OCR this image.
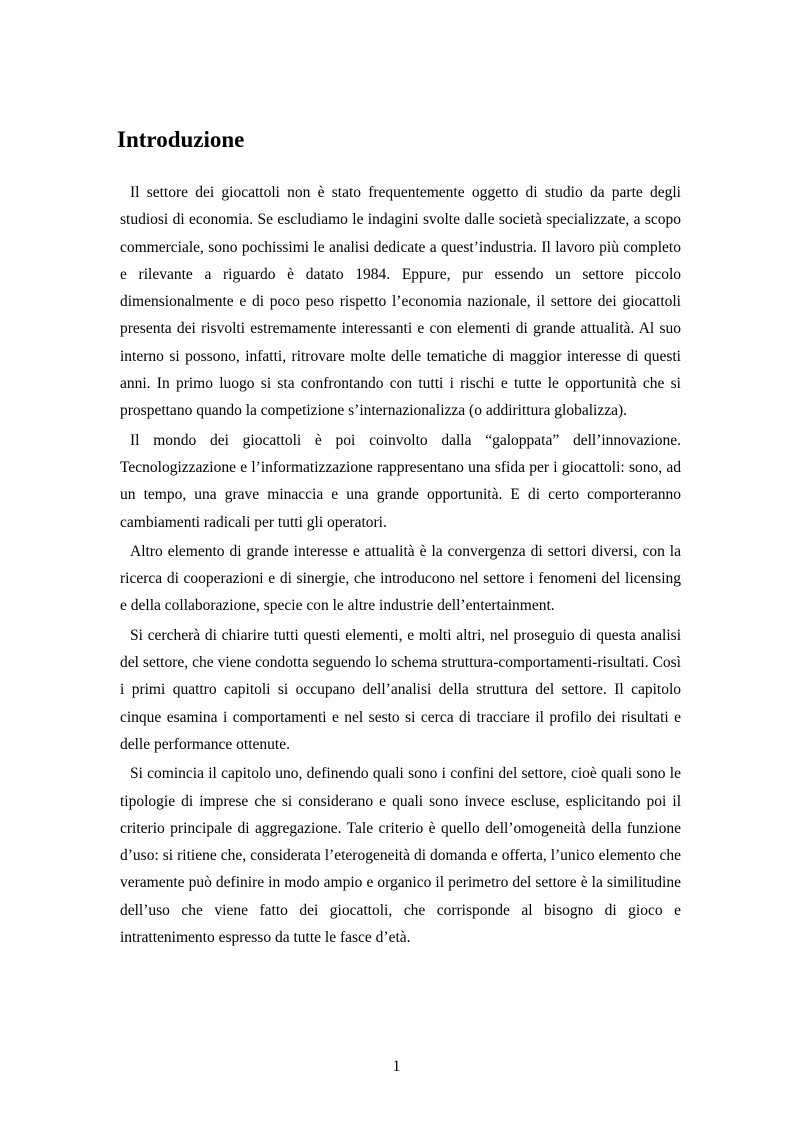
Introduzione

Il settore dei giocattoli non è stato frequentemente oggetto di studio da parte degli studiosi di economia. Se escludiamo le indagini svolte dalle società specializzate, a scopo commerciale, sono pochissimi le analisi dedicate a quest’industria. Il lavoro più completo e rilevante a riguardo è datato 1984. Eppure, pur essendo un settore piccolo dimensionalmente e di poco peso rispetto l’economia nazionale, il settore dei giocattoli presenta dei risvolti estremamente interessanti e con elementi di grande attualità. Al suo interno si possono, infatti, ritrovare molte delle tematiche di maggior interesse di questi anni. In primo luogo si sta confrontando con tutti i rischi e tutte le opportunità che si prospettano quando la competizione s’internazionalizza (o addirittura globalizza).

Il mondo dei giocattoli è poi coinvolto dalla “galoppata” dell’innovazione. Tecnologizzazione e l’informatizzazione rappresentano una sfida per i giocattoli: sono, ad un tempo, una grave minaccia e una grande opportunità. E di certo comporteranno cambiamenti radicali per tutti gli operatori.

Altro elemento di grande interesse e attualità è la convergenza di settori diversi, con la ricerca di cooperazioni e di sinergie, che introducono nel settore i fenomeni del licensing e della collaborazione, specie con le altre industrie dell’entertainment.

Si cercherà di chiarire tutti questi elementi, e molti altri, nel proseguio di questa analisi del settore, che viene condotta seguendo lo schema struttura-comportamenti-risultati. Così i primi quattro capitoli si occupano dell’analisi della struttura del settore. Il capitolo cinque esamina i comportamenti e nel sesto si cerca di tracciare il profilo dei risultati e delle performance ottenute.

Si comincia il capitolo uno, definendo quali sono i confini del settore, cioè quali sono le tipologie di imprese che si considerano e quali sono invece escluse, esplicitando poi il criterio principale di aggregazione. Tale criterio è quello dell’omogeneità della funzione d’uso: si ritiene che, considerata l’eterogeneità di domanda e offerta, l’unico elemento che veramente può definire in modo ampio e organico il perimetro del settore è la similitudine dell’uso che viene fatto dei giocattoli, che corrisponde al bisogno di gioco e intrattenimento espresso da tutte le fasce d’età.

1
